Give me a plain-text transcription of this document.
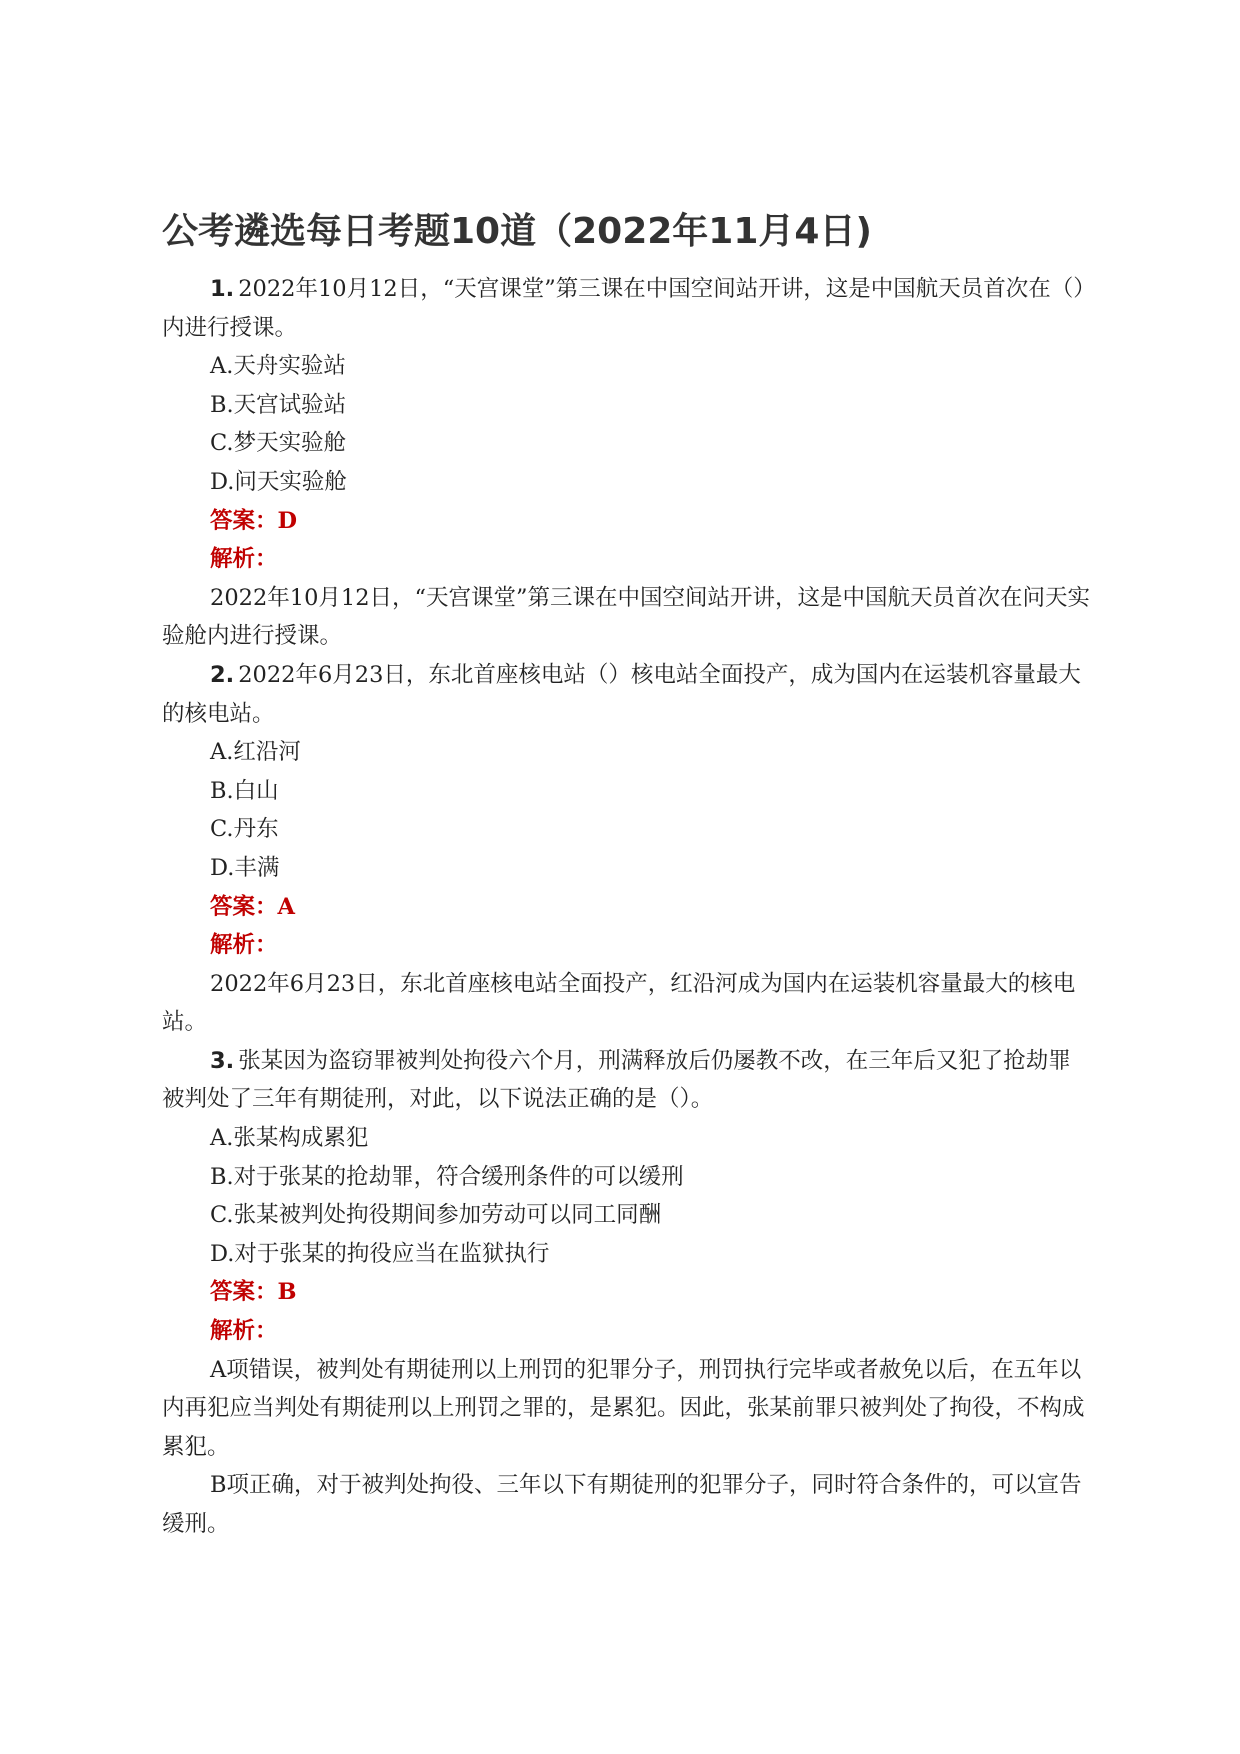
公考遴选每日考题10道（2022年11月4日)

1. 2022年10月12日，“天宫课堂”第三课在中国空间站开讲，这是中国航天员首次在（）内进行授课。

A.天舟实验站

B.天宫试验站

C.梦天实验舱

D.问天实验舱

答案：D

解析：

2022年10月12日，“天宫课堂”第三课在中国空间站开讲，这是中国航天员首次在问天实验舱内进行授课。

2. 2022年6月23日，东北首座核电站（）核电站全面投产，成为国内在运装机容量最大的核电站。

A.红沿河

B.白山

C.丹东

D.丰满

答案：A

解析：

2022年6月23日，东北首座核电站全面投产，红沿河成为国内在运装机容量最大的核电站。

3. 张某因为盗窃罪被判处拘役六个月，刑满释放后仍屡教不改，在三年后又犯了抢劫罪被判处了三年有期徒刑，对此，以下说法正确的是（）。

A.张某构成累犯

B.对于张某的抢劫罪，符合缓刑条件的可以缓刑

C.张某被判处拘役期间参加劳动可以同工同酬

D.对于张某的拘役应当在监狱执行

答案：B

解析：

A项错误，被判处有期徒刑以上刑罚的犯罪分子，刑罚执行完毕或者赦免以后，在五年以内再犯应当判处有期徒刑以上刑罚之罪的，是累犯。因此，张某前罪只被判处了拘役，不构成累犯。

B项正确，对于被判处拘役、三年以下有期徒刑的犯罪分子，同时符合条件的，可以宣告缓刑。
